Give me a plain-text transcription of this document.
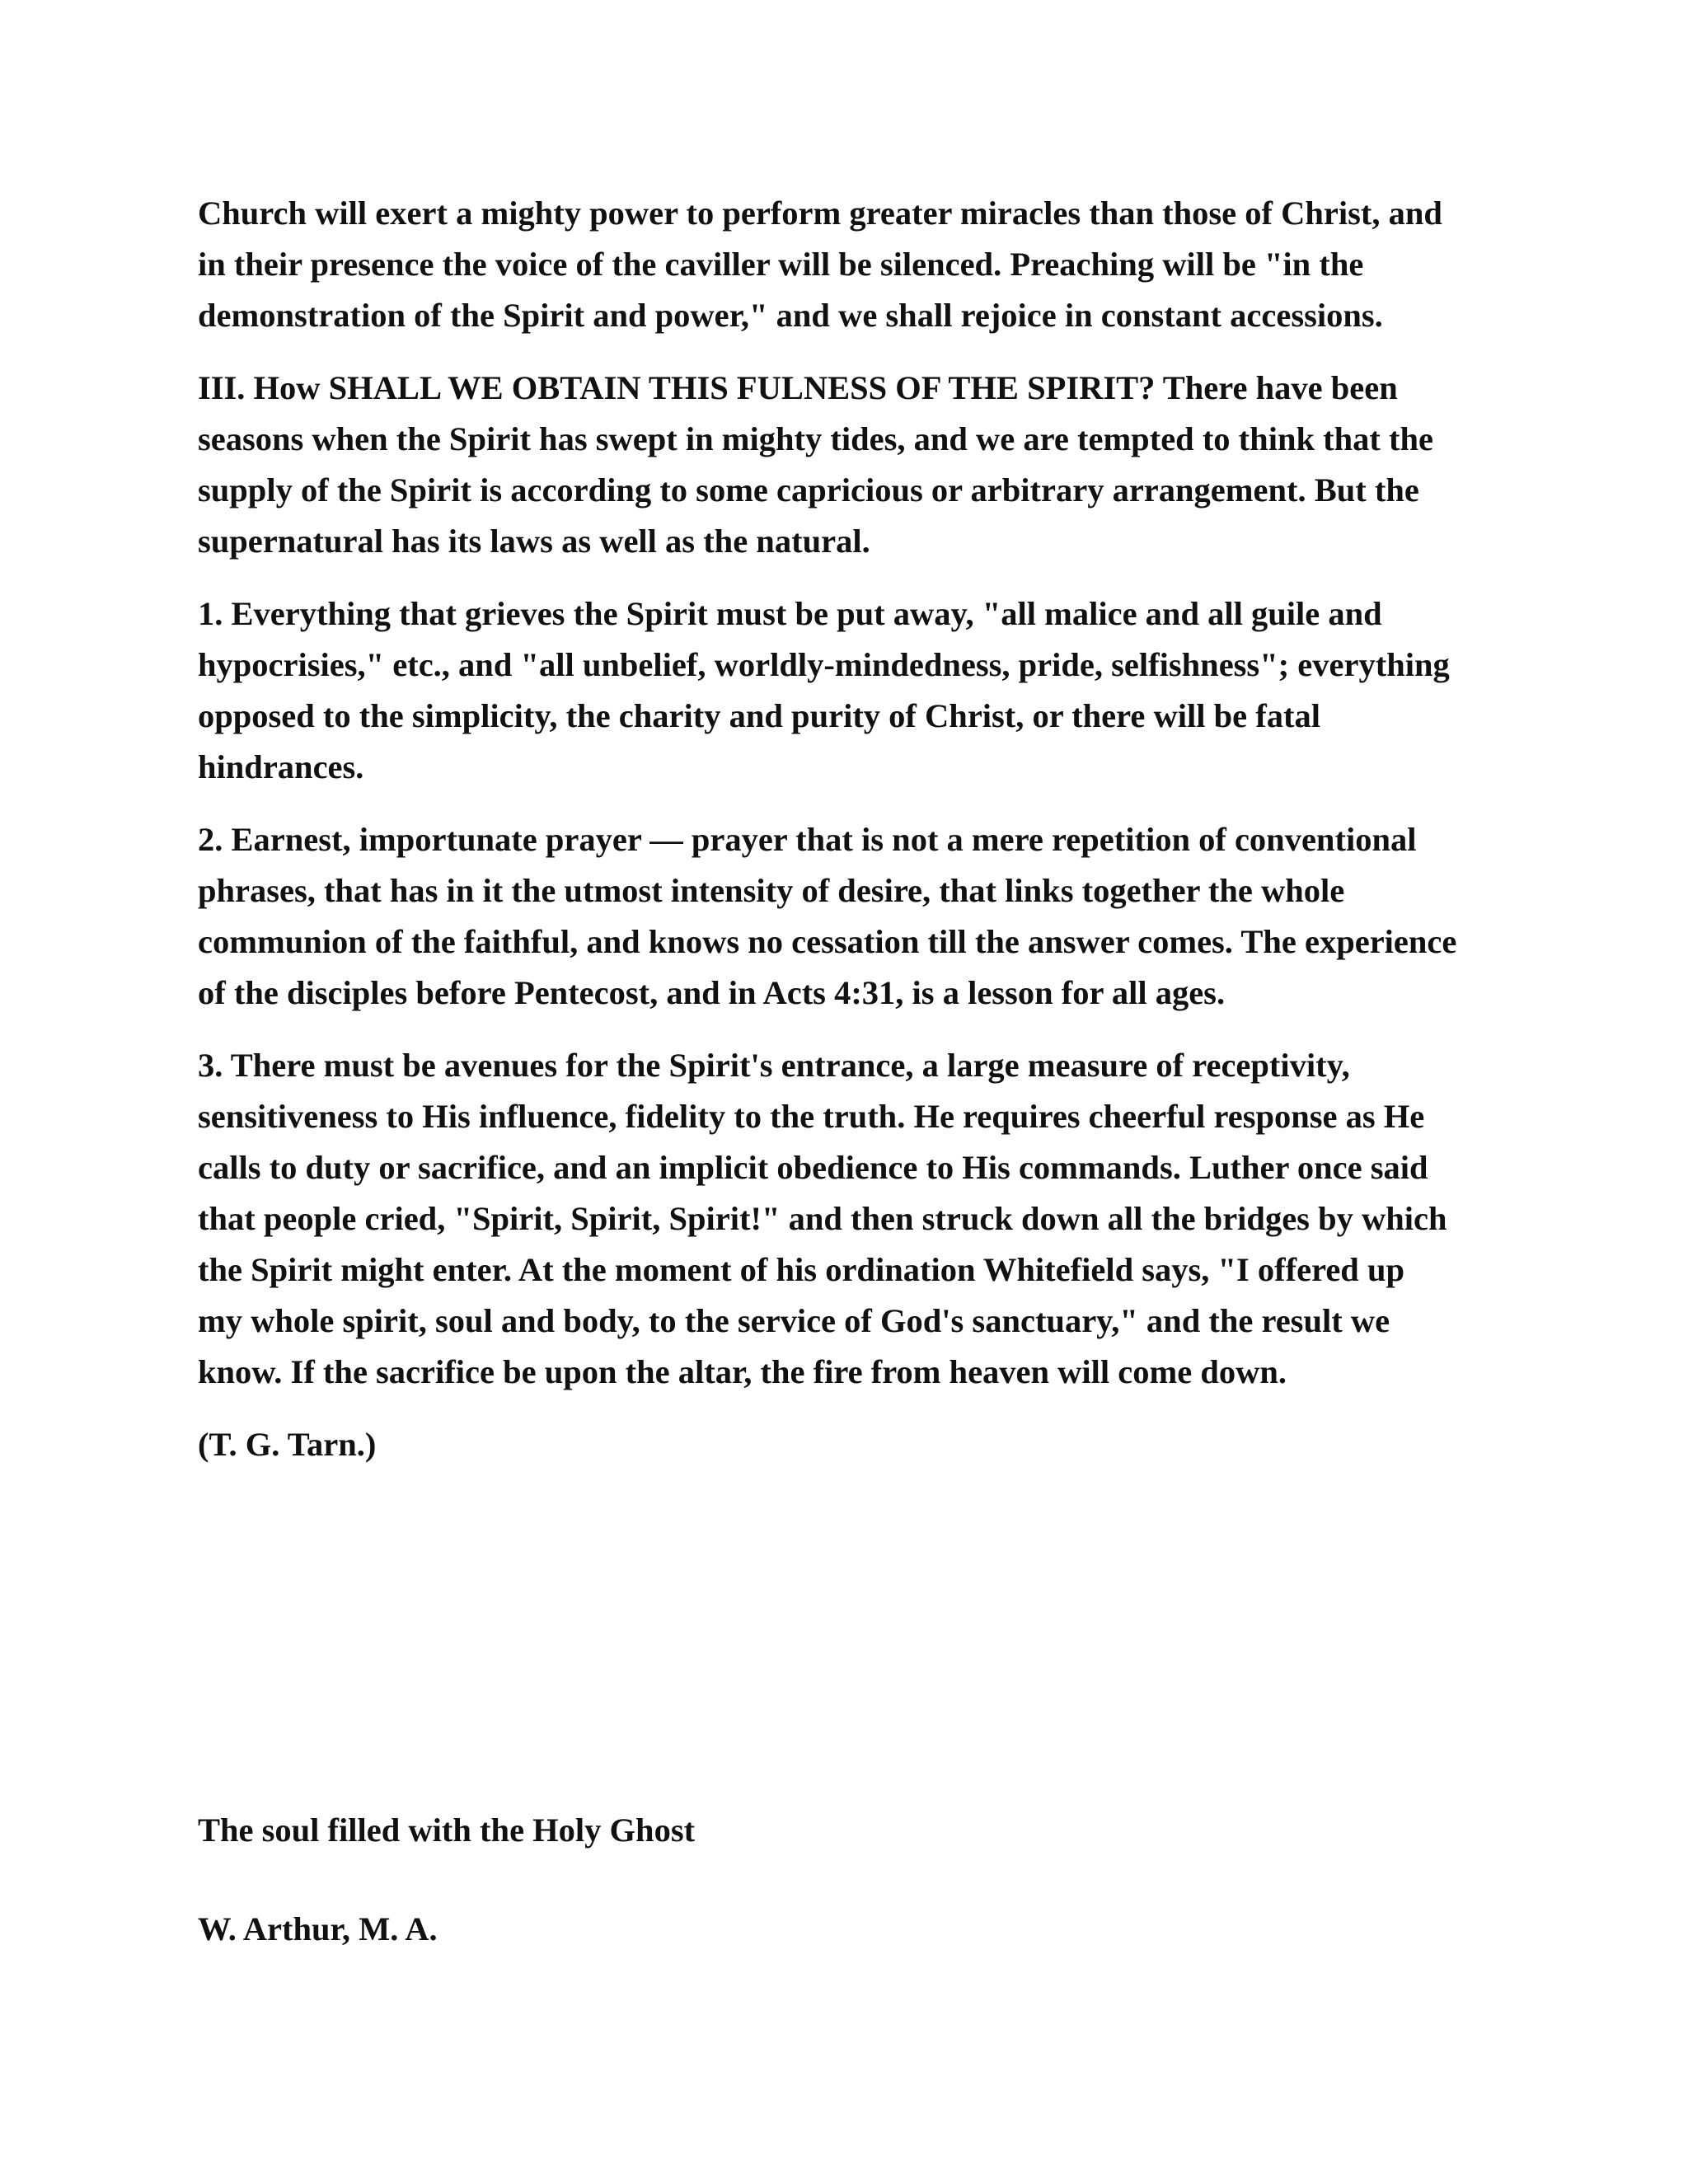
Church will exert a mighty power to perform greater miracles than those of Christ, and in their presence the voice of the caviller will be silenced. Preaching will be "in the demonstration of the Spirit and power," and we shall rejoice in constant accessions.

III. How SHALL WE OBTAIN THIS FULNESS OF THE SPIRIT? There have been seasons when the Spirit has swept in mighty tides, and we are tempted to think that the supply of the Spirit is according to some capricious or arbitrary arrangement. But the supernatural has its laws as well as the natural.

1. Everything that grieves the Spirit must be put away, "all malice and all guile and hypocrisies," etc., and "all unbelief, worldly-mindedness, pride, selfishness"; everything opposed to the simplicity, the charity and purity of Christ, or there will be fatal hindrances.

2. Earnest, importunate prayer — prayer that is not a mere repetition of conventional phrases, that has in it the utmost intensity of desire, that links together the whole communion of the faithful, and knows no cessation till the answer comes. The experience of the disciples before Pentecost, and in Acts 4:31, is a lesson for all ages.

3. There must be avenues for the Spirit's entrance, a large measure of receptivity, sensitiveness to His influence, fidelity to the truth. He requires cheerful response as He calls to duty or sacrifice, and an implicit obedience to His commands. Luther once said that people cried, "Spirit, Spirit, Spirit!" and then struck down all the bridges by which the Spirit might enter. At the moment of his ordination Whitefield says, "I offered up my whole spirit, soul and body, to the service of God's sanctuary," and the result we know. If the sacrifice be upon the altar, the fire from heaven will come down.

(T. G. Tarn.)

The soul filled with the Holy Ghost

W. Arthur, M. A.
